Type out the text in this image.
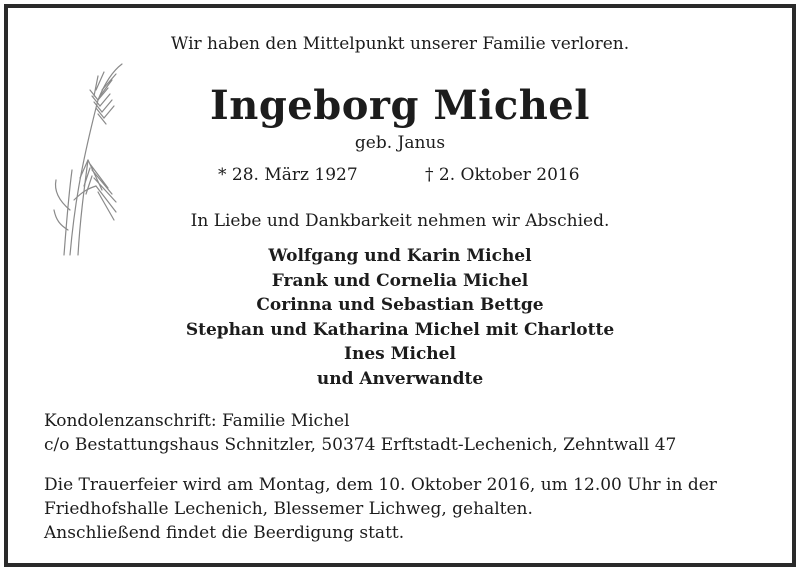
Wir haben den Mittelpunkt unserer Familie verloren.
Ingeborg Michel
geb. Janus
* 28. März 1927	† 2. Oktober 2016
In Liebe und Dankbarkeit nehmen wir Abschied.
Wolfgang und Karin Michel
Frank und Cornelia Michel
Corinna und Sebastian Bettge
Stephan und Katharina Michel mit Charlotte
Ines Michel
und Anverwandte
Kondolenzanschrift: Familie Michel
c/o Bestattungshaus Schnitzler, 50374 Erftstadt-Lechenich, Zehntwall 47
Die Trauerfeier wird am Montag, dem 10. Oktober 2016, um 12.00 Uhr in der
Friedhofshalle Lechenich, Blessemer Lichweg, gehalten.
Anschließend findet die Beerdigung statt.
